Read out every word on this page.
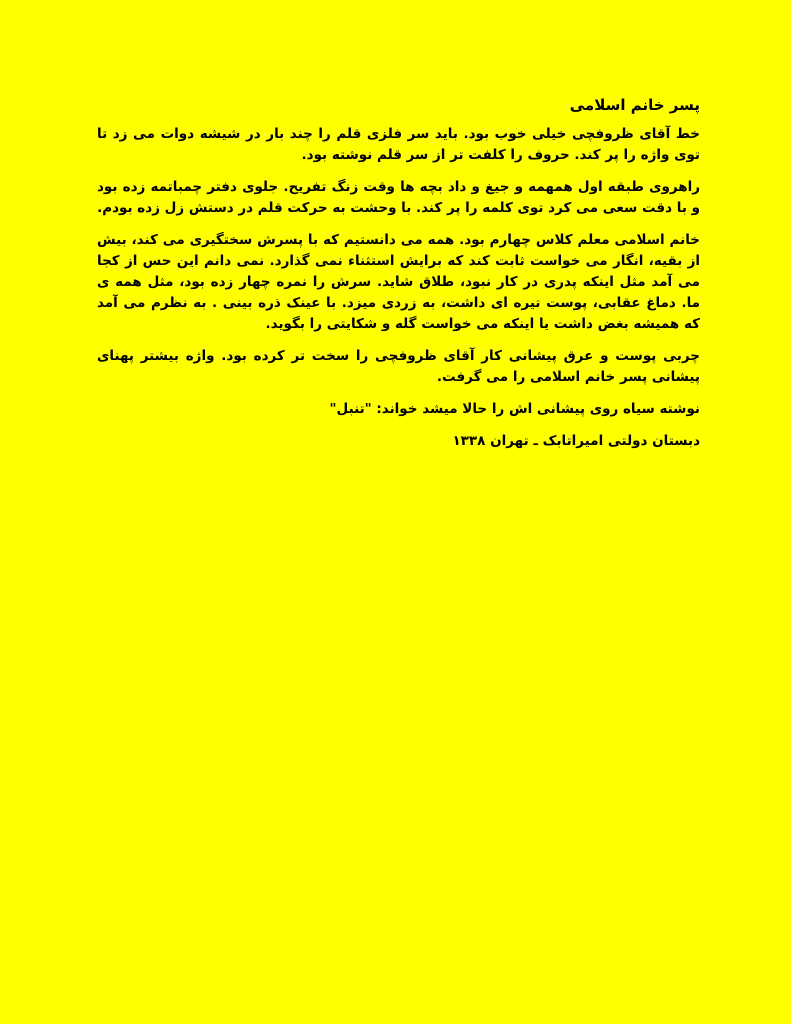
پسر خانم اسلامی

خط آقای ظروفچی خیلی خوب بود. باید سر فلزی قلم را چند بار در شیشه دوات می زد تا توی واژه را پر کند. حروف را کلفت تر از سر قلم نوشته بود.

راهروی طبقه اول همهمه و جیغ و داد بچه ها وقت زنگ تفریح. جلوی دفتر چمباتمه زده بود و با دقت سعی می کرد توی کلمه را پر کند. با وحشت به حرکت قلم در دستش زل زده بودم.

خانم اسلامی معلم کلاس چهارم بود. همه می دانستیم که با پسرش سختگیری می کند، بیش از بقیه، انگار می خواست ثابت کند که برایش استثناء نمی گذارد. نمی دانم این حس از کجا می آمد مثل اینکه پدری در کار نبود، طلاق شاید. سرش را نمره چهار زده بود، مثل همه ی ما. دماغ عقابی، پوست تیره ای داشت، به زردی میزد. با عینک ذره بینی . به نظرم می آمد که همیشه بغض داشت یا اینکه می خواست گله و شکایتی را بگوید.

چربی پوست و عرق پیشانی کار آقای ظروفچی را سخت تر کرده بود. واژه بیشتر پهنای پیشانی پسر خانم اسلامی را می گرفت.

نوشته سیاه روی پیشانی اش را حالا میشد خواند: "تنبل"

دبستان دولتی امیراتابک ـ تهران ۱۳۳۸
